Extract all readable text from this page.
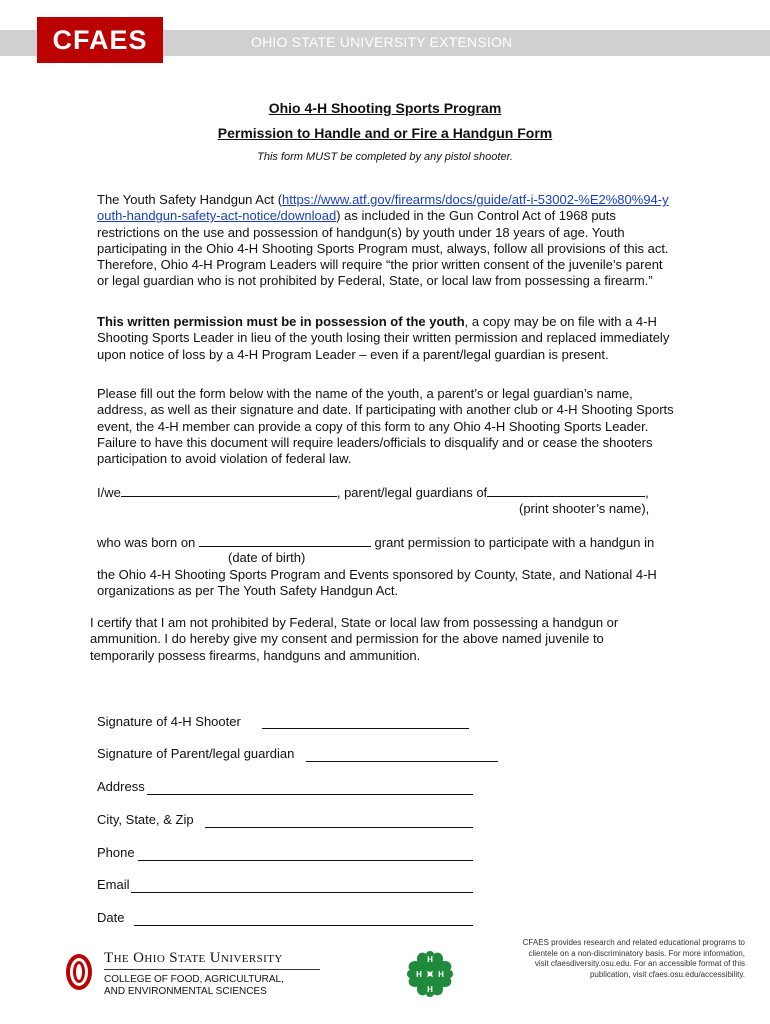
OHIO STATE UNIVERSITY EXTENSION
CFAES
Ohio 4-H Shooting Sports Program
Permission to Handle and or Fire a Handgun Form
This form MUST be completed by any pistol shooter.

The Youth Safety Handgun Act (https://www.atf.gov/firearms/docs/guide/atf-i-53002-%E2%80%94-youth-handgun-safety-act-notice/download) as included in the Gun Control Act of 1968 puts restrictions on the use and possession of handgun(s) by youth under 18 years of age. Youth participating in the Ohio 4-H Shooting Sports Program must, always, follow all provisions of this act. Therefore, Ohio 4-H Program Leaders will require “the prior written consent of the juvenile’s parent or legal guardian who is not prohibited by Federal, State, or local law from possessing a firearm.”

This written permission must be in possession of the youth, a copy may be on file with a 4-H Shooting Sports Leader in lieu of the youth losing their written permission and replaced immediately upon notice of loss by a 4-H Program Leader – even if a parent/legal guardian is present.

Please fill out the form below with the name of the youth, a parent’s or legal guardian’s name, address, as well as their signature and date. If participating with another club or 4-H Shooting Sports event, the 4-H member can provide a copy of this form to any Ohio 4-H Shooting Sports Leader. Failure to have this document will require leaders/officials to disqualify and or cease the shooters participation to avoid violation of federal law.

I/we	, parent/legal guardians of	,
(print shooter’s name),
who was born on	grant permission to participate with a handgun in
(date of birth)

the Ohio 4-H Shooting Sports Program and Events sponsored by County, State, and National 4-H organizations as per The Youth Safety Handgun Act.

I certify that I am not prohibited by Federal, State or local law from possessing a handgun or ammunition. I do hereby give my consent and permission for the above named juvenile to temporarily possess firearms, handguns and ammunition.

Signature of 4-H Shooter
Signature of Parent/legal guardian
Address
City, State, & Zip
Phone
Email
Date
The Ohio State University
COLLEGE OF FOOD, AGRICULTURAL,
AND ENVIRONMENTAL SCIENCES
H
H
H
H
CFAES provides research and related educational programs to clientele on a non-discriminatory basis. For more information, visit cfaesdiversity.osu.edu. For an accessible format of this publication, visit cfaes.osu.edu/accessibility.
